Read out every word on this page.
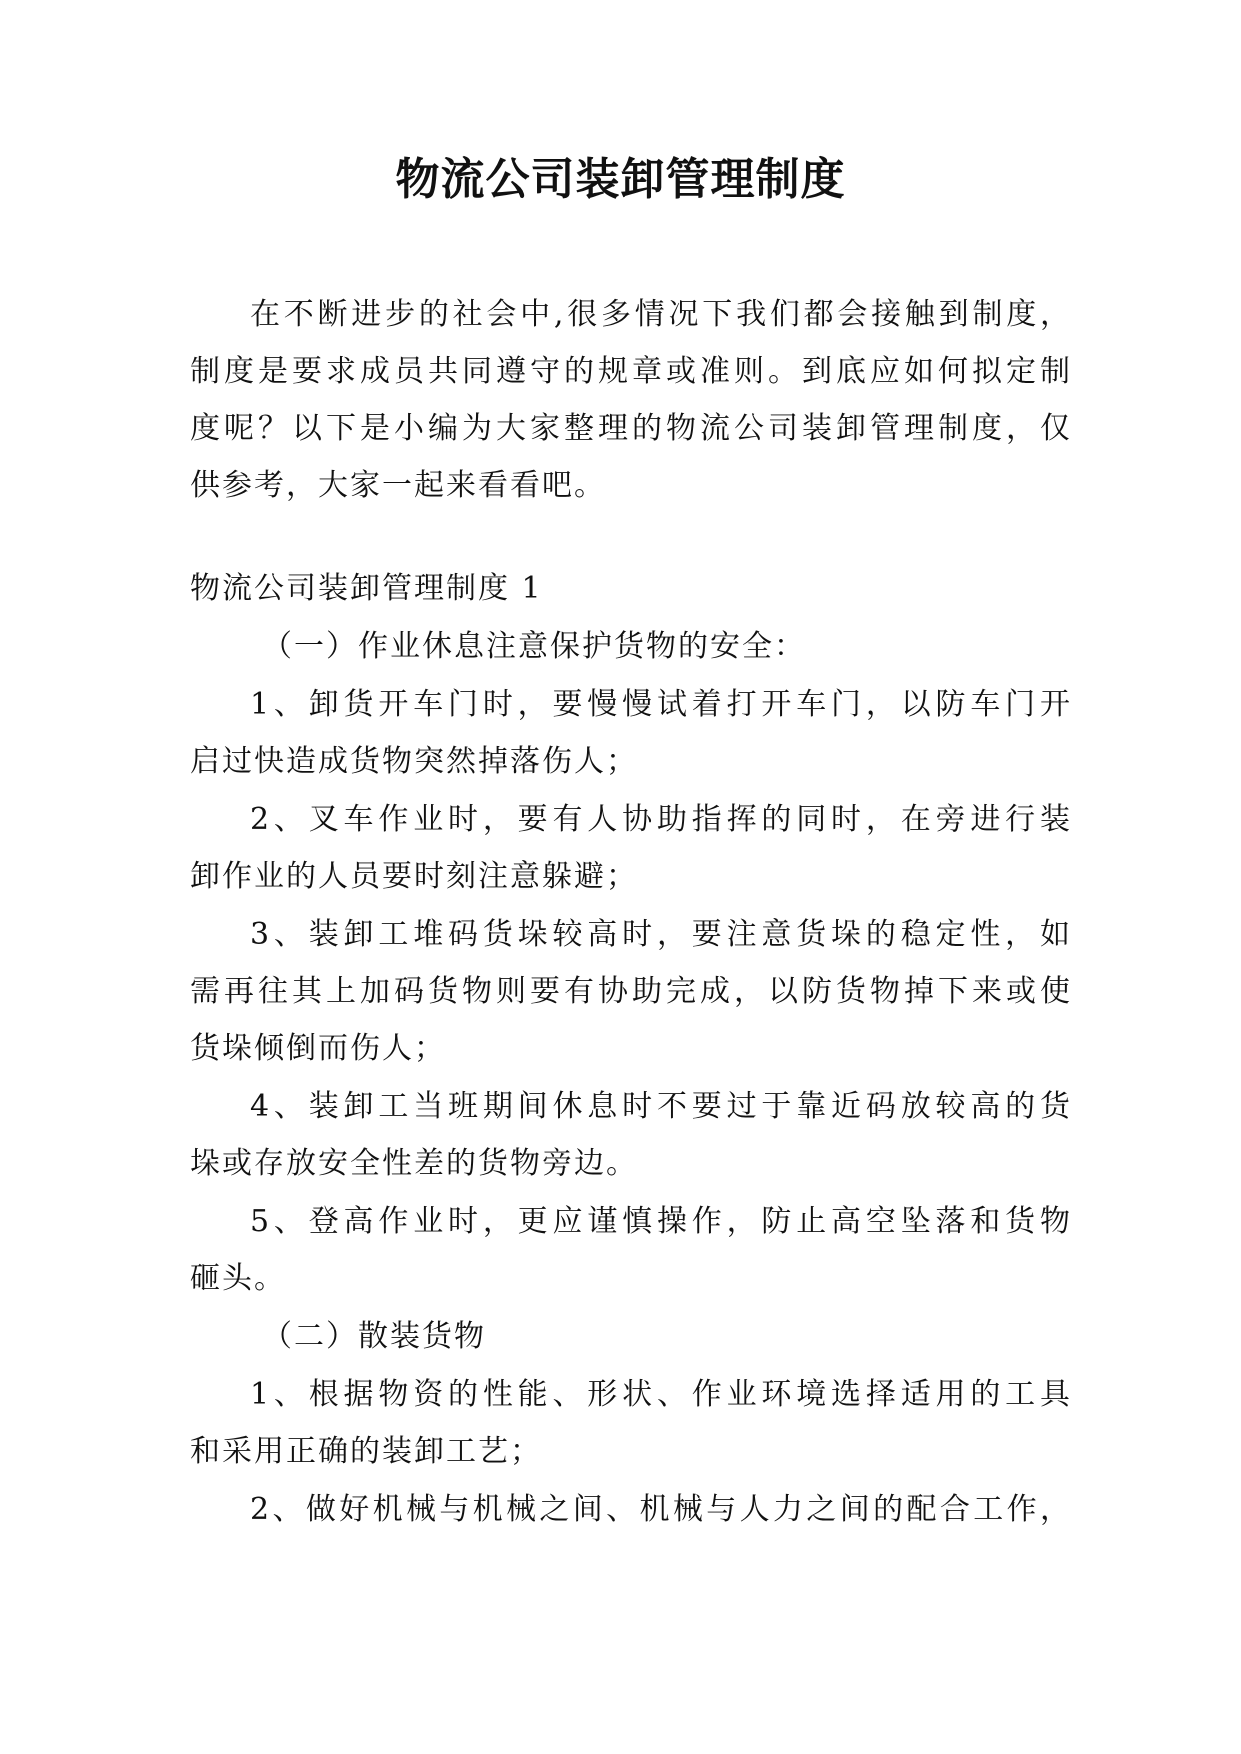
物流公司装卸管理制度
在不断进步的社会中,很多情况下我们都会接触到制度，
制度是要求成员共同遵守的规章或准则。到底应如何拟定制
度呢？以下是小编为大家整理的物流公司装卸管理制度，仅
供参考，大家一起来看看吧。
物流公司装卸管理制度 1
（一）作业休息注意保护货物的安全：
1、卸货开车门时，要慢慢试着打开车门，以防车门开
启过快造成货物突然掉落伤人；
2、叉车作业时，要有人协助指挥的同时，在旁进行装
卸作业的人员要时刻注意躲避；
3、装卸工堆码货垛较高时，要注意货垛的稳定性，如
需再往其上加码货物则要有协助完成，以防货物掉下来或使
货垛倾倒而伤人；
4、装卸工当班期间休息时不要过于靠近码放较高的货
垛或存放安全性差的货物旁边。
5、登高作业时，更应谨慎操作，防止高空坠落和货物
砸头。
（二）散装货物
1、根据物资的性能、形状、作业环境选择适用的工具
和采用正确的装卸工艺；
2、做好机械与机械之间、机械与人力之间的配合工作，
